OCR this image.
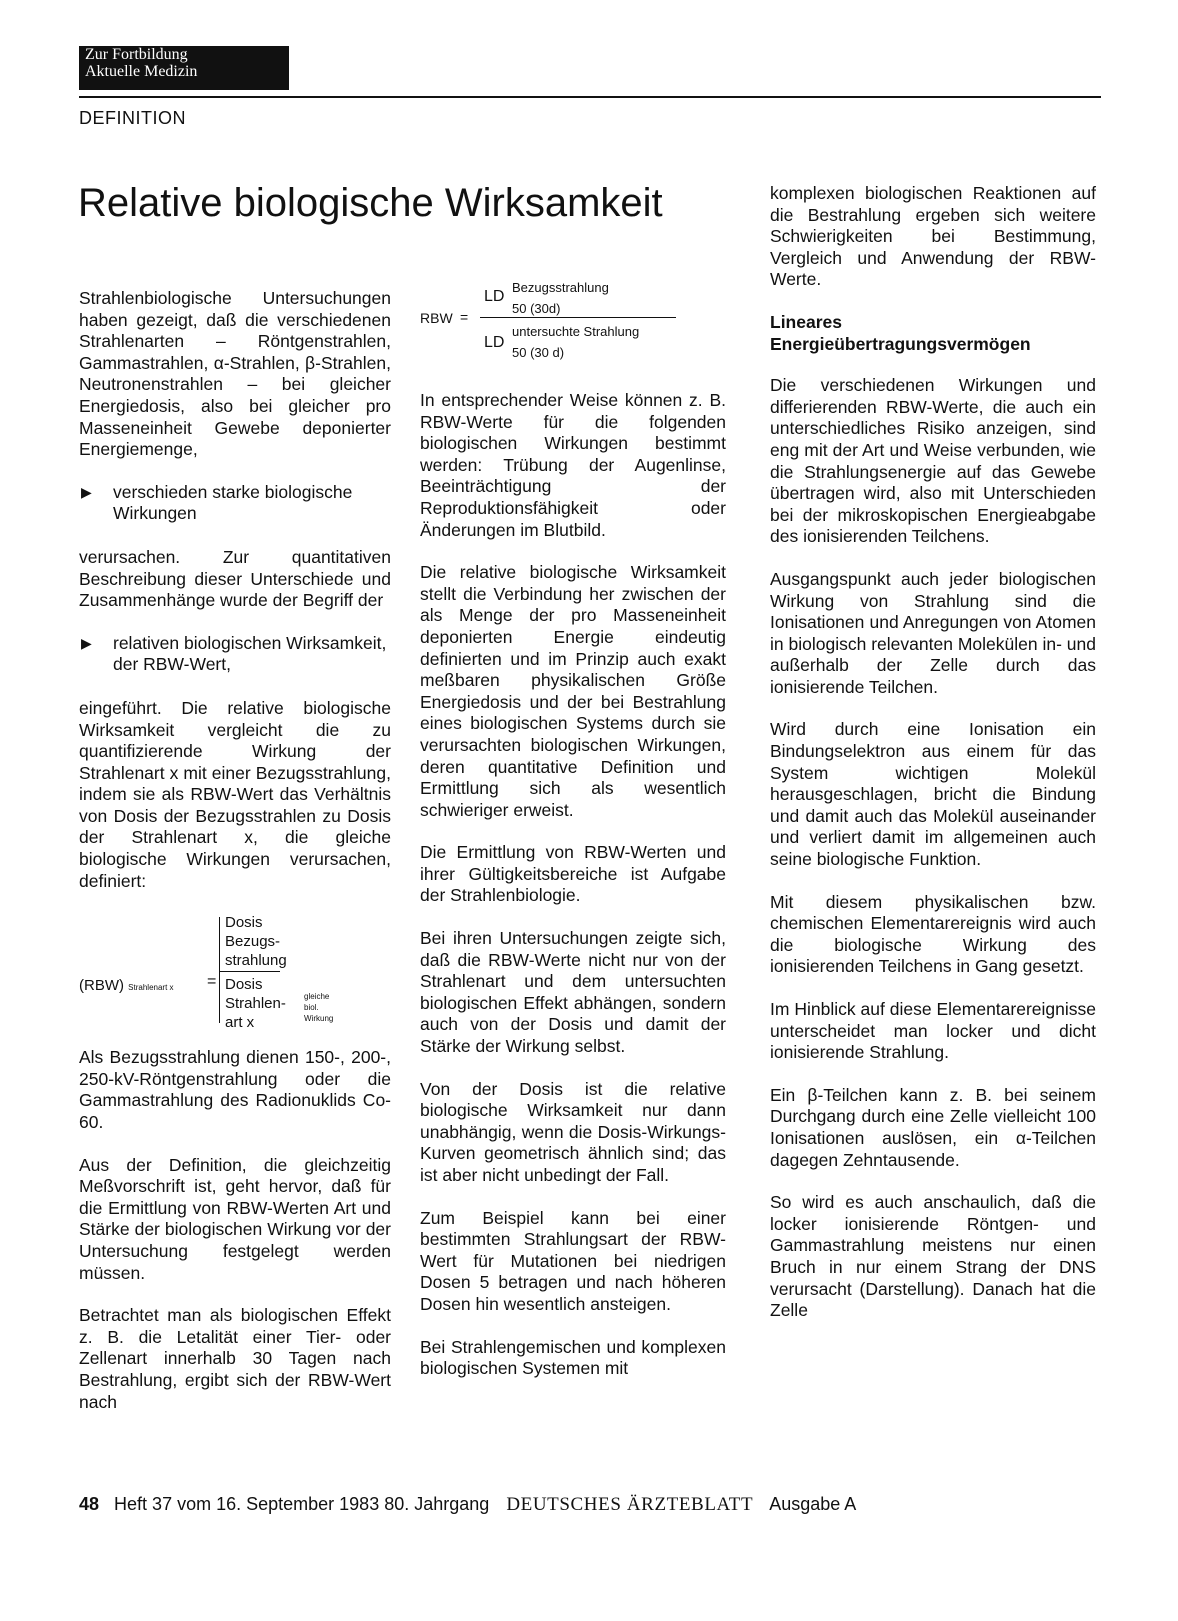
Zur Fortbildung
Aktuelle Medizin
DEFINITION
Relative biologische Wirksamkeit

Strahlenbiologische Untersuchungen haben gezeigt, daß die verschiedenen Strahlenarten – Röntgenstrahlen, Gammastrahlen, α-Strahlen, β-Strahlen, Neutronenstrahlen – bei gleicher Energiedosis, also bei gleicher pro Masseneinheit Gewebe deponierter Energiemenge,

▶	verschieden starke biologische Wirkungen

verursachen. Zur quantitativen Beschreibung dieser Unterschiede und Zusammenhänge wurde der Begriff der

▶	relativen biologischen Wirksamkeit, der RBW-Wert,

eingeführt. Die relative biologische Wirksamkeit vergleicht die zu quantifizierende Wirkung der Strahlenart x mit einer Bezugsstrahlung, indem sie als RBW-Wert das Verhältnis von Dosis der Bezugsstrahlen zu Dosis der Strahlenart x, die gleiche biologische Wirkungen verursachen, definiert:

(RBW) Strahlenart x =
Dosis
Bezugs-
strahlung
Dosis
Strahlen-
art x
gleiche
biol.
Wirkung

Als Bezugsstrahlung dienen 150-, 200-, 250-kV-Röntgenstrahlung oder die Gammastrahlung des Radionuklids Co-60.

Aus der Definition, die gleichzeitig Meßvorschrift ist, geht hervor, daß für die Ermittlung von RBW-Werten Art und Stärke der biologischen Wirkung vor der Untersuchung festgelegt werden müssen.

Betrachtet man als biologischen Effekt z. B. die Letalität einer Tier- oder Zellenart innerhalb 30 Tagen nach Bestrahlung, ergibt sich der RBW-Wert nach

RBW =
LD
Bezugsstrahlung
50 (30d)
LD
untersuchte Strahlung
50 (30 d)

In entsprechender Weise können z. B. RBW-Werte für die folgenden biologischen Wirkungen bestimmt werden: Trübung der Augenlinse, Beeinträchtigung der Reproduktionsfähigkeit oder Änderungen im Blutbild.

Die relative biologische Wirksamkeit stellt die Verbindung her zwischen der als Menge der pro Masseneinheit deponierten Energie eindeutig definierten und im Prinzip auch exakt meßbaren physikalischen Größe Energiedosis und der bei Bestrahlung eines biologischen Systems durch sie verursachten biologischen Wirkungen, deren quantitative Definition und Ermittlung sich als wesentlich schwieriger erweist.

Die Ermittlung von RBW-Werten und ihrer Gültigkeitsbereiche ist Aufgabe der Strahlenbiologie.

Bei ihren Untersuchungen zeigte sich, daß die RBW-Werte nicht nur von der Strahlenart und dem untersuchten biologischen Effekt abhängen, sondern auch von der Dosis und damit der Stärke der Wirkung selbst.

Von der Dosis ist die relative biologische Wirksamkeit nur dann unabhängig, wenn die Dosis-Wirkungs-Kurven geometrisch ähnlich sind; das ist aber nicht unbedingt der Fall.

Zum Beispiel kann bei einer bestimmten Strahlungsart der RBW-Wert für Mutationen bei niedrigen Dosen 5 betragen und nach höheren Dosen hin wesentlich ansteigen.

Bei Strahlengemischen und komplexen biologischen Systemen mit

komplexen biologischen Reaktionen auf die Bestrahlung ergeben sich weitere Schwierigkeiten bei Bestimmung, Vergleich und Anwendung der RBW-Werte.

Lineares
Energieübertragungsvermögen

Die verschiedenen Wirkungen und differierenden RBW-Werte, die auch ein unterschiedliches Risiko anzeigen, sind eng mit der Art und Weise verbunden, wie die Strahlungsenergie auf das Gewebe übertragen wird, also mit Unterschieden bei der mikroskopischen Energieabgabe des ionisierenden Teilchens.

Ausgangspunkt auch jeder biologischen Wirkung von Strahlung sind die Ionisationen und Anregungen von Atomen in biologisch relevanten Molekülen in- und außerhalb der Zelle durch das ionisierende Teilchen.

Wird durch eine Ionisation ein Bindungselektron aus einem für das System wichtigen Molekül herausgeschlagen, bricht die Bindung und damit auch das Molekül auseinander und verliert damit im allgemeinen auch seine biologische Funktion.

Mit diesem physikalischen bzw. chemischen Elementarereignis wird auch die biologische Wirkung des ionisierenden Teilchens in Gang gesetzt.

Im Hinblick auf diese Elementarereignisse unterscheidet man locker und dicht ionisierende Strahlung.

Ein β-Teilchen kann z. B. bei seinem Durchgang durch eine Zelle vielleicht 100 Ionisationen auslösen, ein α-Teilchen dagegen Zehntausende.

So wird es auch anschaulich, daß die locker ionisierende Röntgen- und Gammastrahlung meistens nur einen Bruch in nur einem Strang der DNS verursacht (Darstellung). Danach hat die Zelle

48 Heft 37 vom 16. September 1983 80. Jahrgang DEUTSCHES ÄRZTEBLATT Ausgabe A
